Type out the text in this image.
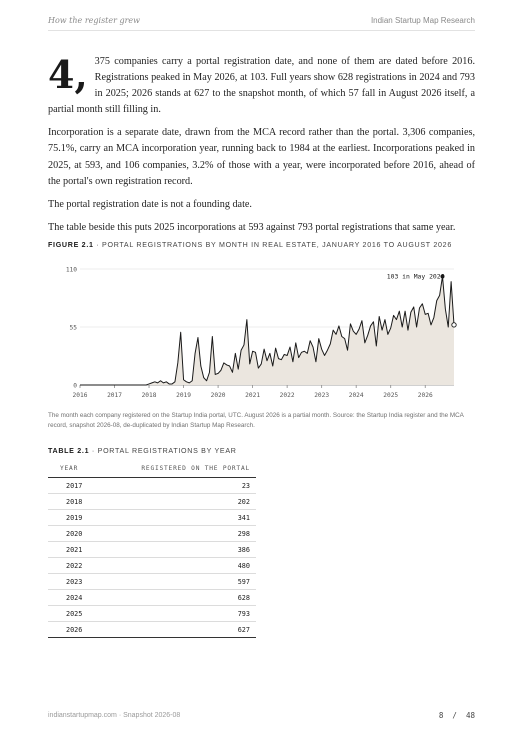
How the register grew	Indian Startup Map Research

4, 375 companies carry a portal registration date, and none of them are dated before 2016. Registrations peaked in May 2026, at 103. Full years show 628 registrations in 2024 and 793 in 2025; 2026 stands at 627 to the snapshot month, of which 57 fall in August 2026 itself, a partial month still filling in.

Incorporation is a separate date, drawn from the MCA record rather than the portal. 3,306 companies, 75.1%, carry an MCA incorporation year, running back to 1984 at the earliest. Incorporations peaked in 2025, at 593, and 106 companies, 3.2% of those with a year, were incorporated before 2016, ahead of the portal's own registration record.

The portal registration date is not a founding date.

The table beside this puts 2025 incorporations at 593 against 793 portal registrations that same year.

FIGURE 2.1 · PORTAL REGISTRATIONS BY MONTH IN REAL ESTATE, JANUARY 2016 TO AUGUST 2026
0
55
110
2016	2017	2018	2019	2020	2021	2022	2023	2024	2025	2026
103 in May 2026
The month each company registered on the Startup India portal, UTC. August 2026 is a partial month. Source: the Startup India register and the MCA record, snapshot 2026-08, de-duplicated by Indian Startup Map Research.
TABLE 2.1 · PORTAL REGISTRATIONS BY YEAR
YEAR	REGISTERED ON THE PORTAL
2017	23
2018	202
2019	341
2020	298
2021	386
2022	480
2023	597
2024	628
2025	793
2026	627
indianstartupmap.com · Snapshot 2026-08	8 / 48
